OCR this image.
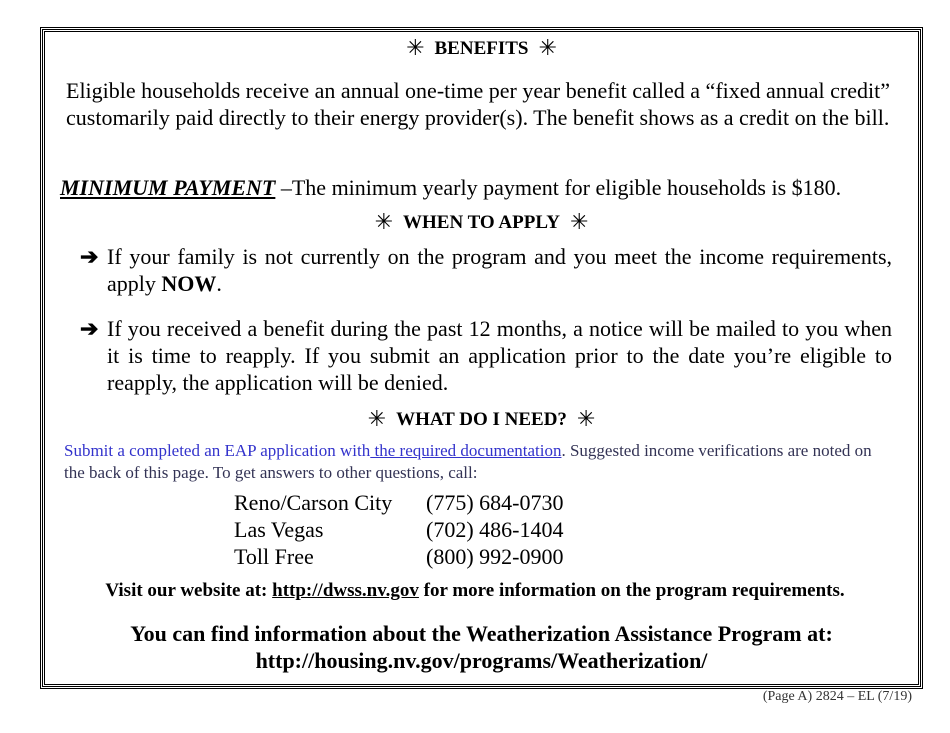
✳ BENEFITS ✳
Eligible households receive an annual one-time per year benefit called a “fixed annual credit” customarily paid directly to their energy provider(s). The benefit shows as a credit on the bill.
MINIMUM PAYMENT –The minimum yearly payment for eligible households is $180.
✳ WHEN TO APPLY ✳
➔ If your family is not currently on the program and you meet the income requirements, apply NOW.
➔ If you received a benefit during the past 12 months, a notice will be mailed to you when it is time to reapply. If you submit an application prior to the date you’re eligible to reapply, the application will be denied.
✳ WHAT DO I NEED? ✳
Submit a completed an EAP application with the required documentation. Suggested income verifications are noted on the back of this page. To get answers to other questions, call:
Reno/Carson City	(775) 684-0730
Las Vegas	(702) 486-1404
Toll Free	(800) 992-0900
Visit our website at: http://dwss.nv.gov for more information on the program requirements.
You can find information about the Weatherization Assistance Program at:
http://housing.nv.gov/programs/Weatherization/
(Page A) 2824 – EL (7/19)
